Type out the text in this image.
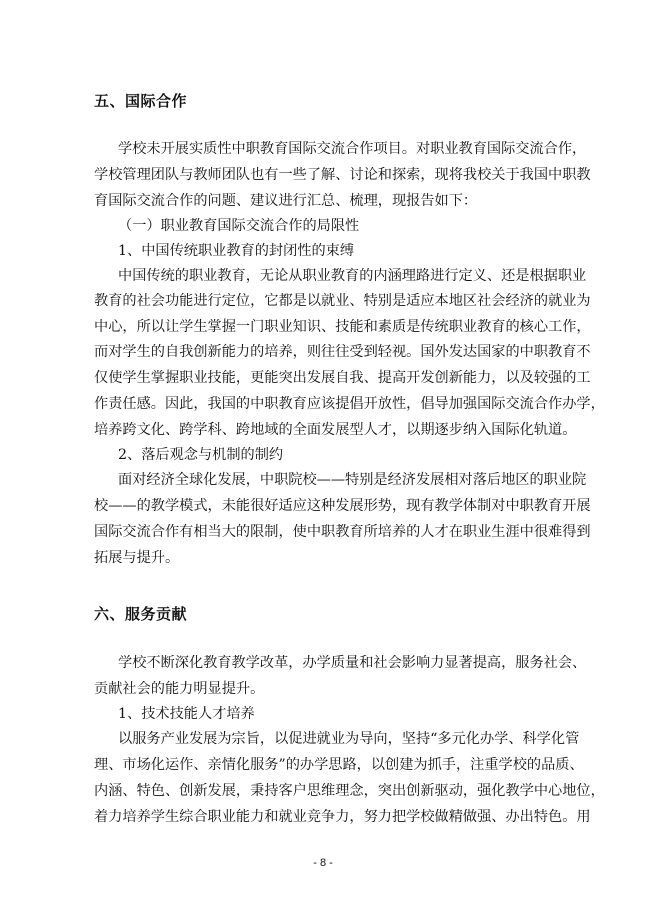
五、国际合作
学校未开展实质性中职教育国际交流合作项目。对职业教育国际交流合作，
学校管理团队与教师团队也有一些了解、讨论和探索，现将我校关于我国中职教
育国际交流合作的问题、建议进行汇总、梳理，现报告如下：
（一）职业教育国际交流合作的局限性
1、中国传统职业教育的封闭性的束缚
中国传统的职业教育，无论从职业教育的内涵理路进行定义、还是根据职业
教育的社会功能进行定位，它都是以就业、特别是适应本地区社会经济的就业为
中心，所以让学生掌握一门职业知识、技能和素质是传统职业教育的核心工作，
而对学生的自我创新能力的培养，则往往受到轻视。国外发达国家的中职教育不
仅使学生掌握职业技能，更能突出发展自我、提高开发创新能力，以及较强的工
作责任感。因此，我国的中职教育应该提倡开放性，倡导加强国际交流合作办学，
培养跨文化、跨学科、跨地域的全面发展型人才，以期逐步纳入国际化轨道。
2、落后观念与机制的制约
面对经济全球化发展，中职院校——特别是经济发展相对落后地区的职业院
校——的教学模式，未能很好适应这种发展形势，现有教学体制对中职教育开展
国际交流合作有相当大的限制，使中职教育所培养的人才在职业生涯中很难得到
拓展与提升。
六、服务贡献
学校不断深化教育教学改革，办学质量和社会影响力显著提高，服务社会、
贡献社会的能力明显提升。
1、技术技能人才培养
以服务产业发展为宗旨，以促进就业为导向，坚持“多元化办学、科学化管
理、市场化运作、亲情化服务”的办学思路，以创建为抓手，注重学校的品质、
内涵、特色、创新发展，秉持客户思维理念，突出创新驱动，强化教学中心地位，
着力培养学生综合职业能力和就业竞争力，努力把学校做精做强、办出特色。用
- 8 -
